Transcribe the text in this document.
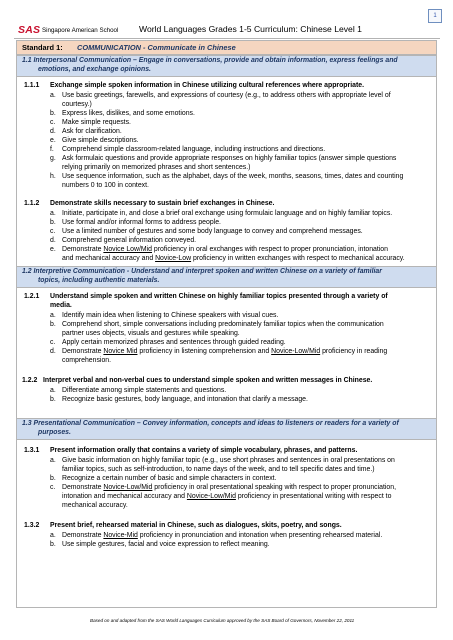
SAS Singapore American School World Languages Grades 1-5 Curriculum: Chinese Level 1
1
Standard 1: COMMUNICATION - Communicate in Chinese
1.1 Interpersonal Communication – Engage in conversations, provide and obtain information, express feelings and
emotions, and exchange opinions.
1.1.1 Exchange simple spoken information in Chinese utilizing cultural references where appropriate.
a. Use basic greetings, farewells, and expressions of courtesy (e.g., to address others with appropriate level of
courtesy.)
b. Express likes, dislikes, and some emotions.
c. Make simple requests.
d. Ask for clarification.
e. Give simple descriptions.
f. Comprehend simple classroom-related language, including instructions and directions.
g. Ask formulaic questions and provide appropriate responses on highly familiar topics (answer simple questions
relying primarily on memorized phrases and short sentences.)
h. Use sequence information, such as the alphabet, days of the week, months, seasons, times, dates and counting
numbers 0 to 100 in context.
1.1.2 Demonstrate skills necessary to sustain brief exchanges in Chinese.
a. Initiate, participate in, and close a brief oral exchange using formulaic language and on highly familiar topics.
b. Use formal and/or informal forms to address people.
c. Use a limited number of gestures and some body language to convey and comprehend messages.
d. Comprehend general information conveyed.
e. Demonstrate Novice Low/Mid proficiency in oral exchanges with respect to proper pronunciation, intonation
and mechanical accuracy and Novice-Low proficiency in written exchanges with respect to mechanical accuracy.
1.2 Interpretive Communication - Understand and interpret spoken and written Chinese on a variety of familiar
topics, including authentic materials.
1.2.1 Understand simple spoken and written Chinese on highly familiar topics presented through a variety of
media.
a. Identify main idea when listening to Chinese speakers with visual cues.
b. Comprehend short, simple conversations including predominately familiar topics when the communication
partner uses objects, visuals and gestures while speaking.
c. Apply certain memorized phrases and sentences through guided reading.
d. Demonstrate Novice Mid proficiency in listening comprehension and Novice-Low/Mid proficiency in reading
comprehension.
1.2.2 Interpret verbal and non-verbal cues to understand simple spoken and written messages in Chinese.
a. Differentiate among simple statements and questions.
b. Recognize basic gestures, body language, and intonation that clarify a message.
1.3 Presentational Communication – Convey information, concepts and ideas to listeners or readers for a variety of
purposes.
1.3.1 Present information orally that contains a variety of simple vocabulary, phrases, and patterns.
a. Give basic information on highly familiar topic (e.g., use short phrases and sentences in oral presentations on
familiar topics, such as self-introduction, to name days of the week, and to tell specific dates and time.)
b. Recognize a certain number of basic and simple characters in context.
c. Demonstrate Novice-Low/Mid proficiency in oral presentational speaking with respect to proper pronunciation,
intonation and mechanical accuracy and Novice-Low/Mid proficiency in presentational writing with respect to
mechanical accuracy.
1.3.2 Present brief, rehearsed material in Chinese, such as dialogues, skits, poetry, and songs.
a. Demonstrate Novice-Mid proficiency in pronunciation and intonation when presenting rehearsed material.
b. Use simple gestures, facial and voice expression to reflect meaning.
Based on and adapted from the SAS World Languages Curriculum approved by the SAS Board of Governors, November 22, 2011
